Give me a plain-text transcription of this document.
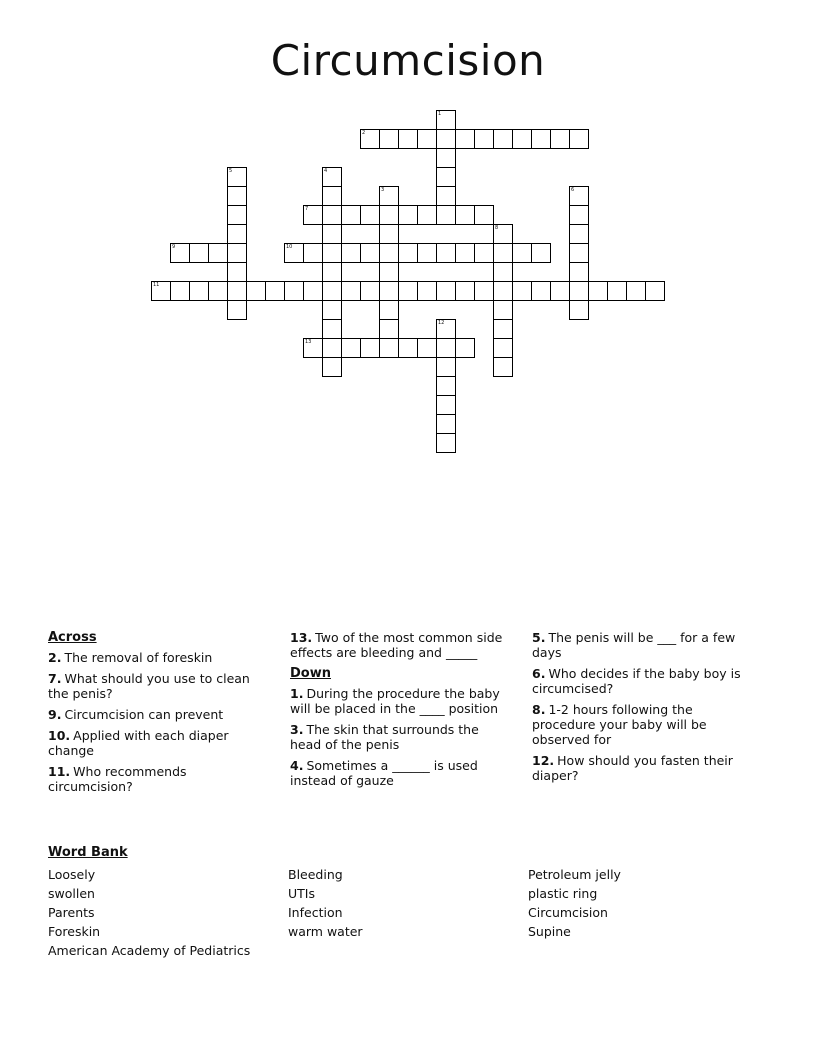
Circumcision
1
2
3
4
5
6
7
8
9	10
11
12
13
Across
2. The removal of foreskin
7. What should you use to clean the penis?
9. Circumcision can prevent
10. Applied with each diaper change
11. Who recommends circumcision?
13. Two of the most common side effects are bleeding and _____
Down
1. During the procedure the baby will be placed in the ____ position
3. The skin that surrounds the head of the penis
4. Sometimes a ______ is used instead of gauze
5. The penis will be ___ for a few days
6. Who decides if the baby boy is circumcised?
8. 1-2 hours following the procedure your baby will be observed for
12. How should you fasten their diaper?
Word Bank
Loosely
swollen
Parents
Foreskin
American Academy of Pediatrics
Bleeding
UTIs
Infection
warm water
Petroleum jelly
plastic ring
Circumcision
Supine
